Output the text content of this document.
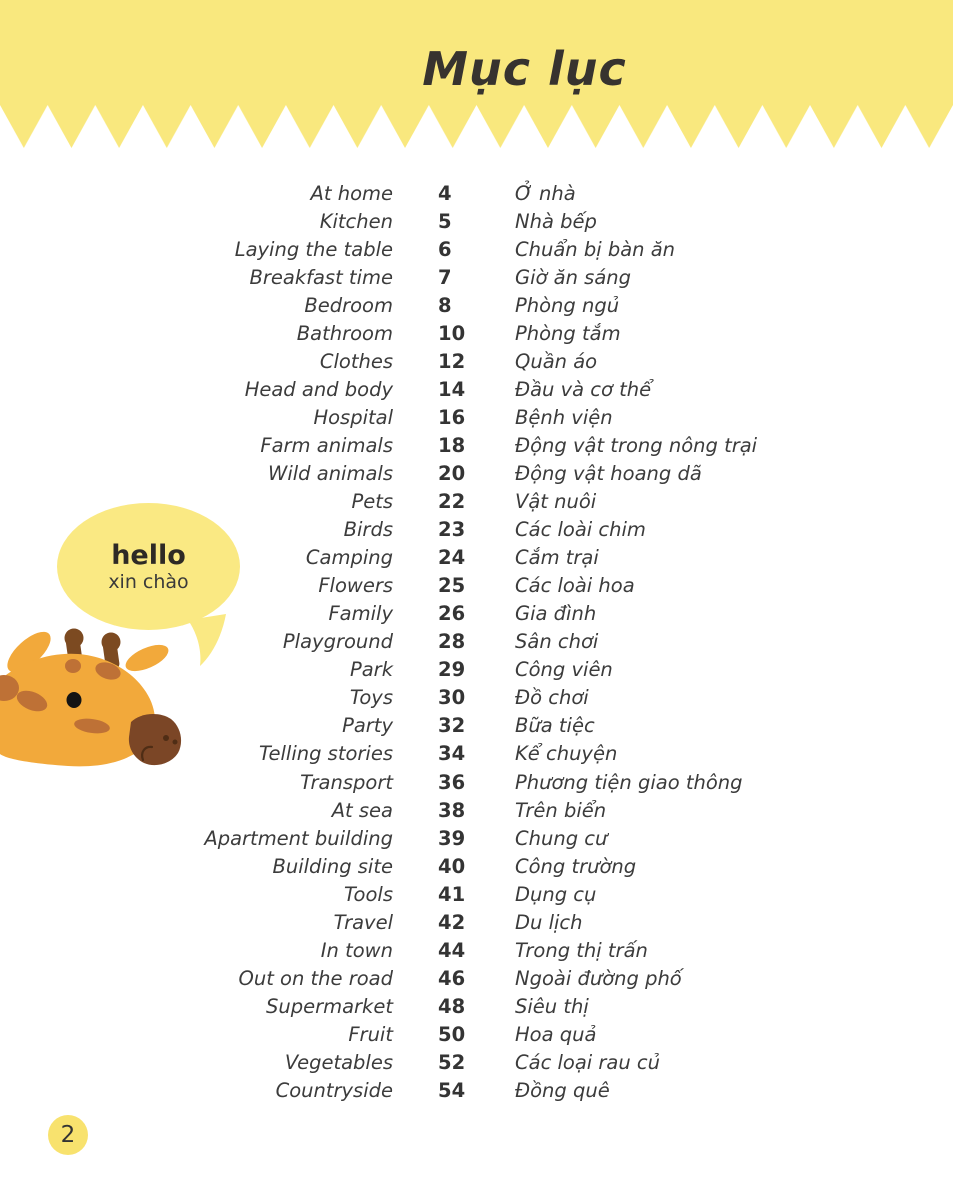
Mục lục
At home	4	Ở nhà
Kitchen	5	Nhà bếp
Laying the table	6	Chuẩn bị bàn ăn
Breakfast time	7	Giờ ăn sáng
Bedroom	8	Phòng ngủ
Bathroom	10	Phòng tắm
Clothes	12	Quần áo
Head and body	14	Đầu và cơ thể
Hospital	16	Bệnh viện
Farm animals	18	Động vật trong nông trại
Wild animals	20	Động vật hoang dã
Pets	22	Vật nuôi
Birds	23	Các loài chim
Camping	24	Cắm trại
Flowers	25	Các loài hoa
Family	26	Gia đình
Playground	28	Sân chơi
Park	29	Công viên
Toys	30	Đồ chơi
Party	32	Bữa tiệc
Telling stories	34	Kể chuyện
Transport	36	Phương tiện giao thông
At sea	38	Trên biển
Apartment building	39	Chung cư
Building site	40	Công trường
Tools	41	Dụng cụ
Travel	42	Du lịch
In town	44	Trong thị trấn
Out on the road	46	Ngoài đường phố
Supermarket	48	Siêu thị
Fruit	50	Hoa quả
Vegetables	52	Các loại rau củ
Countryside	54	Đồng quê
hello
xin chào
2
